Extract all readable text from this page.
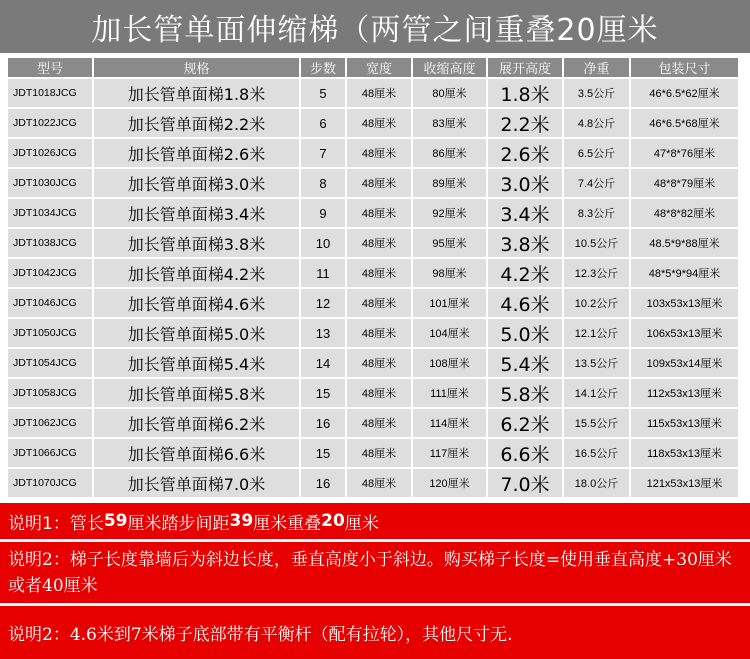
加长管单面伸缩梯（两管之间重叠20厘米
型号	规格	步数	宽度	收缩高度	展开高度	净重	包装尺寸
JDT1018JCG	加长管单面梯1.8米	5	48厘米	80厘米	1.8米	3.5公斤	46*6.5*62厘米
JDT1022JCG	加长管单面梯2.2米	6	48厘米	83厘米	2.2米	4.8公斤	46*6.5*68厘米
JDT1026JCG	加长管单面梯2.6米	7	48厘米	86厘米	2.6米	6.5公斤	47*8*76厘米
JDT1030JCG	加长管单面梯3.0米	8	48厘米	89厘米	3.0米	7.4公斤	48*8*79厘米
JDT1034JCG	加长管单面梯3.4米	9	48厘米	92厘米	3.4米	8.3公斤	48*8*82厘米
JDT1038JCG	加长管单面梯3.8米	10	48厘米	95厘米	3.8米	10.5公斤	48.5*9*88厘米
JDT1042JCG	加长管单面梯4.2米	11	48厘米	98厘米	4.2米	12.3公斤	48*5*9*94厘米
JDT1046JCG	加长管单面梯4.6米	12	48厘米	101厘米	4.6米	10.2公斤	103x53x13厘米
JDT1050JCG	加长管单面梯5.0米	13	48厘米	104厘米	5.0米	12.1公斤	106x53x13厘米
JDT1054JCG	加长管单面梯5.4米	14	48厘米	108厘米	5.4米	13.5公斤	109x53x14厘米
JDT1058JCG	加长管单面梯5.8米	15	48厘米	111厘米	5.8米	14.1公斤	112x53x13厘米
JDT1062JCG	加长管单面梯6.2米	16	48厘米	114厘米	6.2米	15.5公斤	115x53x13厘米
JDT1066JCG	加长管单面梯6.6米	15	48厘米	117厘米	6.6米	16.5公斤	118x53x13厘米
JDT1070JCG	加长管单面梯7.0米	16	48厘米	120厘米	7.0米	18.0公斤	121x53x13厘米
说明1： 管长 59 厘米踏步间距 39 厘米重叠 20 厘米
说明2：梯子长度靠墙后为斜边长度，垂直高度小于斜边。购买梯子长度=使用垂直高度+30厘米或者40厘米
说明2：4.6米到7米梯子底部带有平衡杆（配有拉轮），其他尺寸无.
